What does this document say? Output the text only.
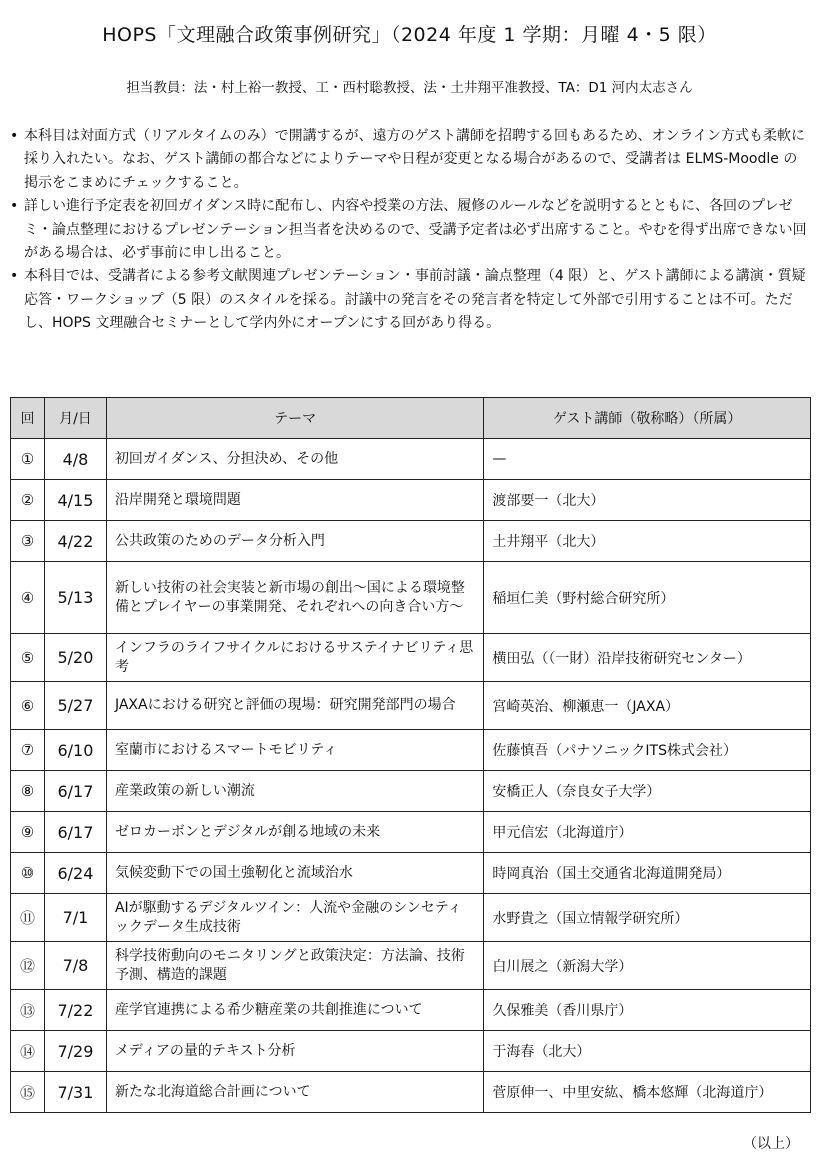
HOPS「文理融合政策事例研究」（2024 年度 1 学期：月曜 4・5 限）
担当教員：法・村上裕一教授、工・西村聡教授、法・土井翔平准教授、TA：D1 河内太志さん
• 本科目は対面方式（リアルタイムのみ）で開講するが、遠方のゲスト講師を招聘する回もあるため、オンライン方式も柔軟に採り入れたい。なお、ゲスト講師の都合などによりテーマや日程が変更となる場合があるので、受講者は ELMS-Moodle の掲示をこまめにチェックすること。
• 詳しい進行予定表を初回ガイダンス時に配布し、内容や授業の方法、履修のルールなどを説明するとともに、各回のプレゼミ・論点整理におけるプレゼンテーション担当者を決めるので、受講予定者は必ず出席すること。やむを得ず出席できない回がある場合は、必ず事前に申し出ること。
• 本科目では、受講者による参考文献関連プレゼンテーション・事前討議・論点整理（4 限）と、ゲスト講師による講演・質疑応答・ワークショップ（5 限）のスタイルを採る。討議中の発言をその発言者を特定して外部で引用することは不可。ただし、HOPS 文理融合セミナーとして学内外にオープンにする回があり得る。
回	月/日	テーマ	ゲスト講師（敬称略）（所属）
①	4/8	初回ガイダンス、分担決め、その他	—
②	4/15	沿岸開発と環境問題	渡部要一（北大）
③	4/22	公共政策のためのデータ分析入門	土井翔平（北大）
④	5/13	新しい技術の社会実装と新市場の創出～国による環境整備とプレイヤーの事業開発、それぞれへの向き合い方～	稲垣仁美（野村総合研究所）
⑤	5/20	インフラのライフサイクルにおけるサステイナビリティ思考	横田弘（（一財）沿岸技術研究センター）
⑥	5/27	JAXAにおける研究と評価の現場：研究開発部門の場合	宮崎英治、柳瀬恵一（JAXA）
⑦	6/10	室蘭市におけるスマートモビリティ	佐藤慎吾（パナソニックITS株式会社）
⑧	6/17	産業政策の新しい潮流	安橋正人（奈良女子大学）
⑨	6/17	ゼロカーボンとデジタルが創る地域の未来	甲元信宏（北海道庁）
⑩	6/24	気候変動下での国土強靭化と流域治水	時岡真治（国土交通省北海道開発局）
⑪	7/1	AIが駆動するデジタルツイン：人流や金融のシンセティックデータ生成技術	水野貴之（国立情報学研究所）
⑫	7/8	科学技術動向のモニタリングと政策決定：方法論、技術予測、構造的課題	白川展之（新潟大学）
⑬	7/22	産学官連携による希少糖産業の共創推進について	久保雅美（香川県庁）
⑭	7/29	メディアの量的テキスト分析	于海春（北大）
⑮	7/31	新たな北海道総合計画について	菅原伸一、中里安紘、橋本悠輝（北海道庁）
（以上）
